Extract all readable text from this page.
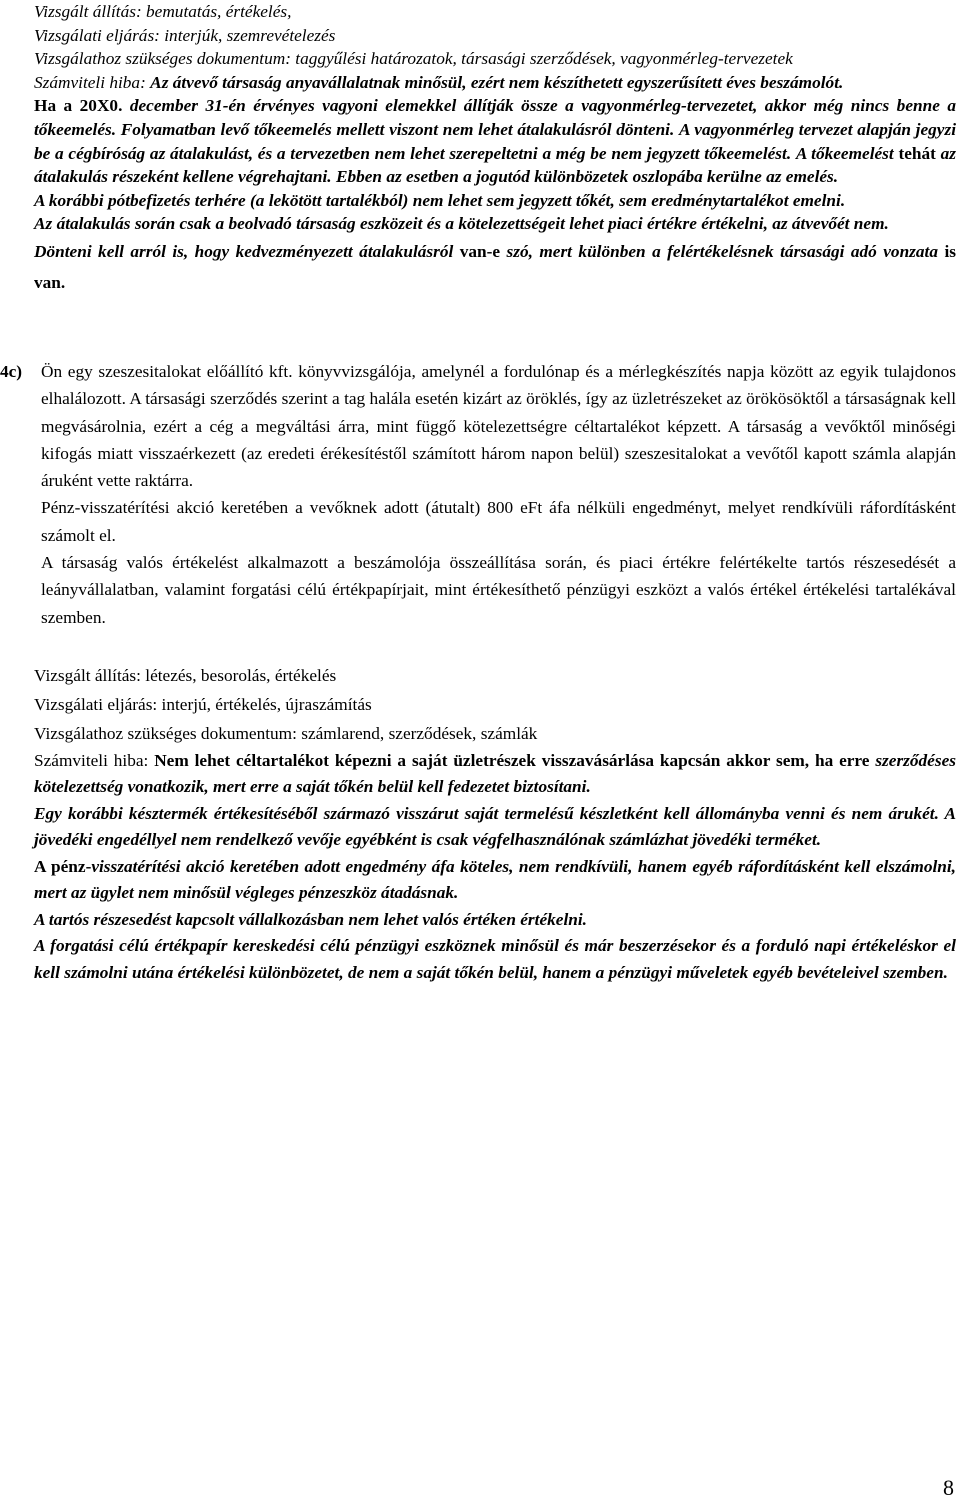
Vizsgált állítás: bemutatás, értékelés,

Vizsgálati eljárás: interjúk, szemrevételezés

Vizsgálathoz szükséges dokumentum: taggyűlési határozatok, társasági szerződések, vagyonmérleg-tervezetek

Számviteli hiba: Az átvevő társaság anyavállalatnak minősül, ezért nem készíthetett egyszerűsített éves beszámolót.

Ha a 20X0. december 31-én érvényes vagyoni elemekkel állítják össze a vagyonmérleg-tervezetet, akkor még nincs benne a tőkeemelés. Folyamatban levő tőkeemelés mellett viszont nem lehet átalakulásról dönteni. A vagyonmérleg tervezet alapján jegyzi be a cégbíróság az átalakulást, és a tervezetben nem lehet szerepeltetni a még be nem jegyzett tőkeemelést. A tőkeemelést tehát az átalakulás részeként kellene végrehajtani. Ebben az esetben a jogutód különbözetek oszlopába kerülne az emelés.

A korábbi pótbefizetés terhére (a lekötött tartalékból) nem lehet sem jegyzett tőkét, sem eredménytartalékot emelni.

Az átalakulás során csak a beolvadó társaság eszközeit és a kötelezettségeit lehet piaci értékre értékelni, az átvevőét nem.

Dönteni kell arról is, hogy kedvezményezett átalakulásról van-e szó, mert különben a felértékelésnek társasági adó vonzata is van.

4c) Ön egy szeszesitalokat előállító kft. könyvvizsgálója, amelynél a fordulónap és a mérlegkészítés napja között az egyik tulajdonos elhalálozott. A társasági szerződés szerint a tag halála esetén kizárt az öröklés, így az üzletrészeket az örökösöktől a társaságnak kell megvásárolnia, ezért a cég a megváltási árra, mint függő kötelezettségre céltartalékot képzett. A társaság a vevőktől minőségi kifogás miatt visszaérkezett (az eredeti érékesítéstől számított három napon belül) szeszesitalokat a vevőtől kapott számla alapján áruként vette raktárra.

Pénz-visszatérítési akció keretében a vevőknek adott (átutalt) 800 eFt áfa nélküli engedményt, melyet rendkívüli ráfordításként számolt el.

A társaság valós értékelést alkalmazott a beszámolója összeállítása során, és piaci értékre felértékelte tartós részesedését a leányvállalatban, valamint forgatási célú értékpapírjait, mint értékesíthető pénzügyi eszközt a valós értékel értékelési tartalékával szemben.

Vizsgált állítás: létezés, besorolás, értékelés

Vizsgálati eljárás: interjú, értékelés, újraszámítás

Vizsgálathoz szükséges dokumentum: számlarend, szerződések, számlák

Számviteli hiba: Nem lehet céltartalékot képezni a saját üzletrészek visszavásárlása kapcsán akkor sem, ha erre szerződéses kötelezettség vonatkozik, mert erre a saját tőkén belül kell fedezetet biztosítani.

Egy korábbi késztermék értékesítéséből származó visszárut saját termelésű készletként kell állományba venni és nem árukét. A jövedéki engedéllyel nem rendelkező vevője egyébként is csak végfelhasználónak számlázhat jövedéki terméket.

A pénz-visszatérítési akció keretében adott engedmény áfa köteles, nem rendkívüli, hanem egyéb ráfordításként kell elszámolni, mert az ügylet nem minősül végleges pénzeszköz átadásnak.

A tartós részesedést kapcsolt vállalkozásban nem lehet valós értéken értékelni.

A forgatási célú értékpapír kereskedési célú pénzügyi eszköznek minősül és már beszerzésekor és a forduló napi értékeléskor el kell számolni utána értékelési különbözetet, de nem a saját tőkén belül, hanem a pénzügyi műveletek egyéb bevételeivel szemben.

8
